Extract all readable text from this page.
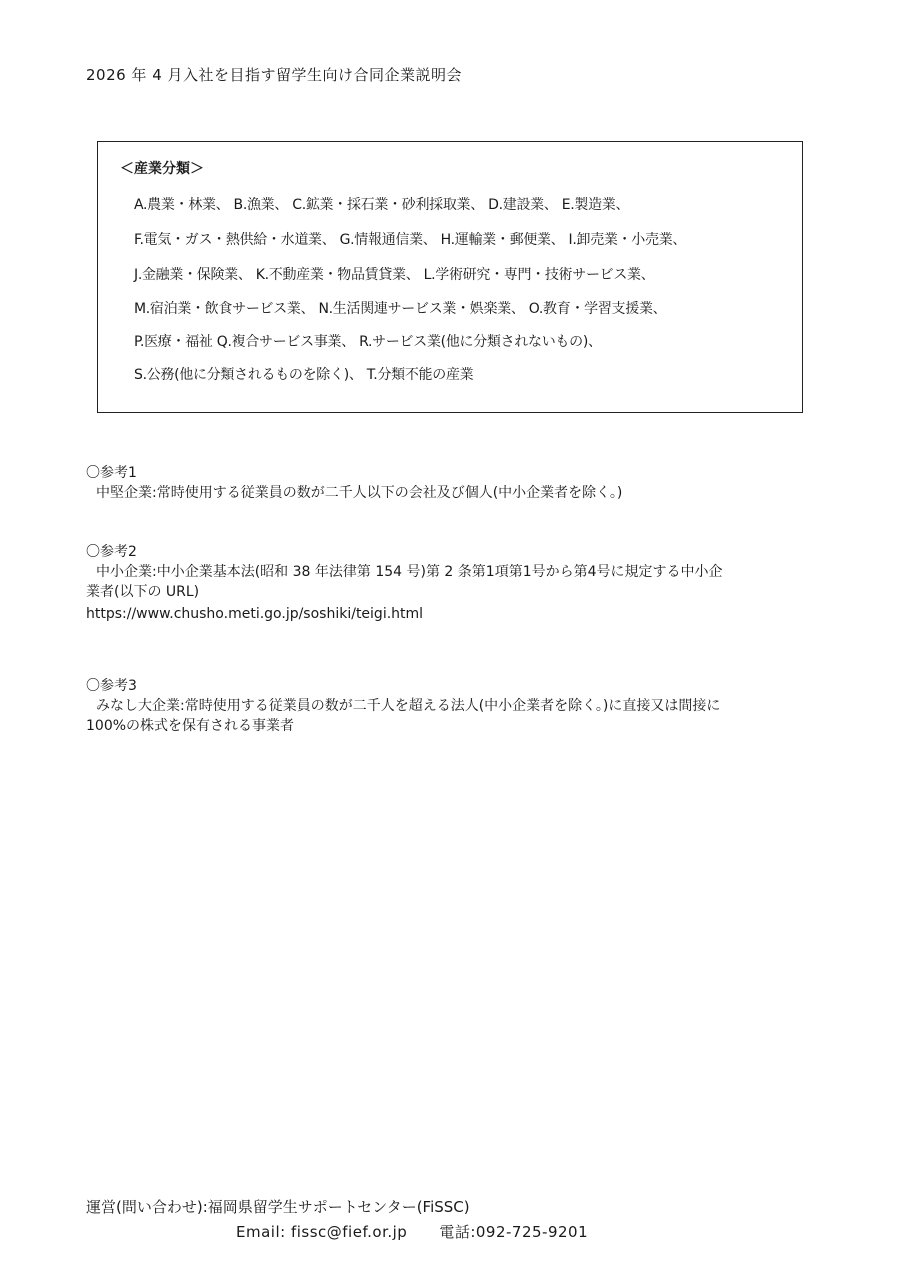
2026 年 4 月入社を目指す留学生向け合同企業説明会
＜産業分類＞
A.農業・林業、 B.漁業、 C.鉱業・採石業・砂利採取業、 D.建設業、 E.製造業、
F.電気・ガス・熱供給・水道業、 G.情報通信業、 H.運輸業・郵便業、 I.卸売業・小売業、
J.金融業・保険業、 K.不動産業・物品賃貸業、 L.学術研究・専門・技術サービス業、
M.宿泊業・飲食サービス業、 N.生活関連サービス業・娯楽業、 O.教育・学習支援業、
P.医療・福祉 Q.複合サービス事業、 R.サービス業(他に分類されないもの)、
S.公務(他に分類されるものを除く)、 T.分類不能の産業
〇参考1
中堅企業:常時使用する従業員の数が二千人以下の会社及び個人(中小企業者を除く。)
〇参考2
中小企業:中小企業基本法(昭和 38 年法律第 154 号)第 2 条第1項第1号から第4号に規定する中小企
業者(以下の URL)
https://www.chusho.meti.go.jp/soshiki/teigi.html
〇参考3
みなし大企業:常時使用する従業員の数が二千人を超える法人(中小企業者を除く。)に直接又は間接に
100%の株式を保有される事業者
運営(問い合わせ):福岡県留学生サポートセンター(FiSSC)
Email: fissc@fief.or.jp 電話:092-725-9201
